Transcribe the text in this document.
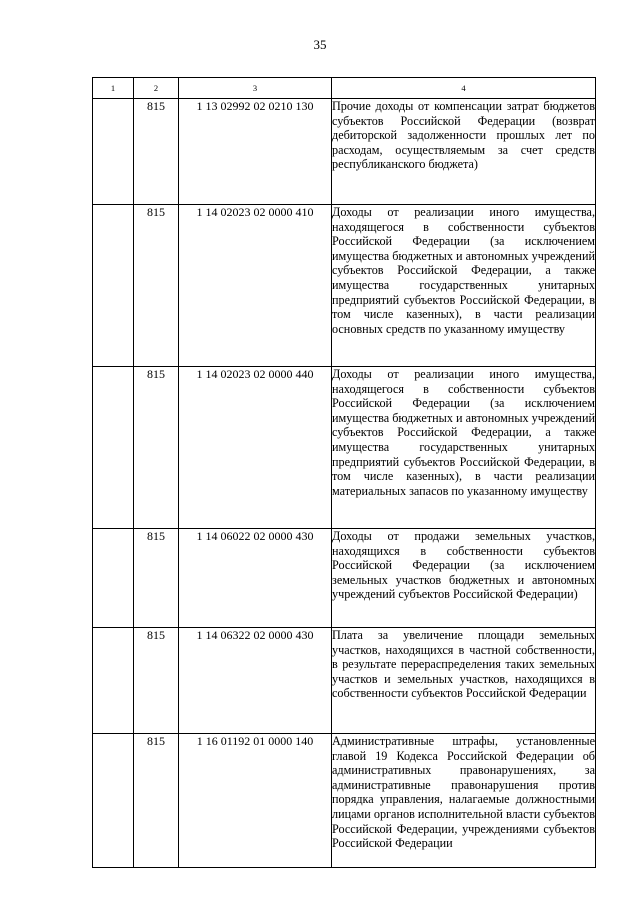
35
1	2	3	4
	815	1 13 02992 02 0210 130	Прочие доходы от компенсации затрат бюджетов субъектов Российской Федерации (возврат дебиторской задолженности прошлых лет по расходам, осуществляемым за счет средств республиканского бюджета)
	815	1 14 02023 02 0000 410	Доходы от реализации иного имущества, находящегося в собственности субъектов Российской Федерации (за исключением имущества бюджетных и автономных учреждений субъектов Российской Федерации, а также имущества государственных унитарных предприятий субъектов Российской Федерации, в том числе казенных), в части реализации основных средств по указанному имуществу
	815	1 14 02023 02 0000 440	Доходы от реализации иного имущества, находящегося в собственности субъектов Российской Федерации (за исключением имущества бюджетных и автономных учреждений субъектов Российской Федерации, а также имущества государственных унитарных предприятий субъектов Российской Федерации, в том числе казенных), в части реализации материальных запасов по указанному имуществу
	815	1 14 06022 02 0000 430	Доходы от продажи земельных участков, находящихся в собственности субъектов Российской Федерации (за исключением земельных участков бюджетных и автономных учреждений субъектов Российской Федерации)
	815	1 14 06322 02 0000 430	Плата за увеличение площади земельных участков, находящихся в частной собственности, в результате перераспределения таких земельных участков и земельных участков, находящихся в собственности субъектов Российской Федерации
	815	1 16 01192 01 0000 140	Административные штрафы, установленные главой 19 Кодекса Российской Федерации об административных правонарушениях, за административные правонарушения против порядка управления, налагаемые должностными лицами органов исполнительной власти субъектов Российской Федерации, учреждениями субъектов Российской Федерации
